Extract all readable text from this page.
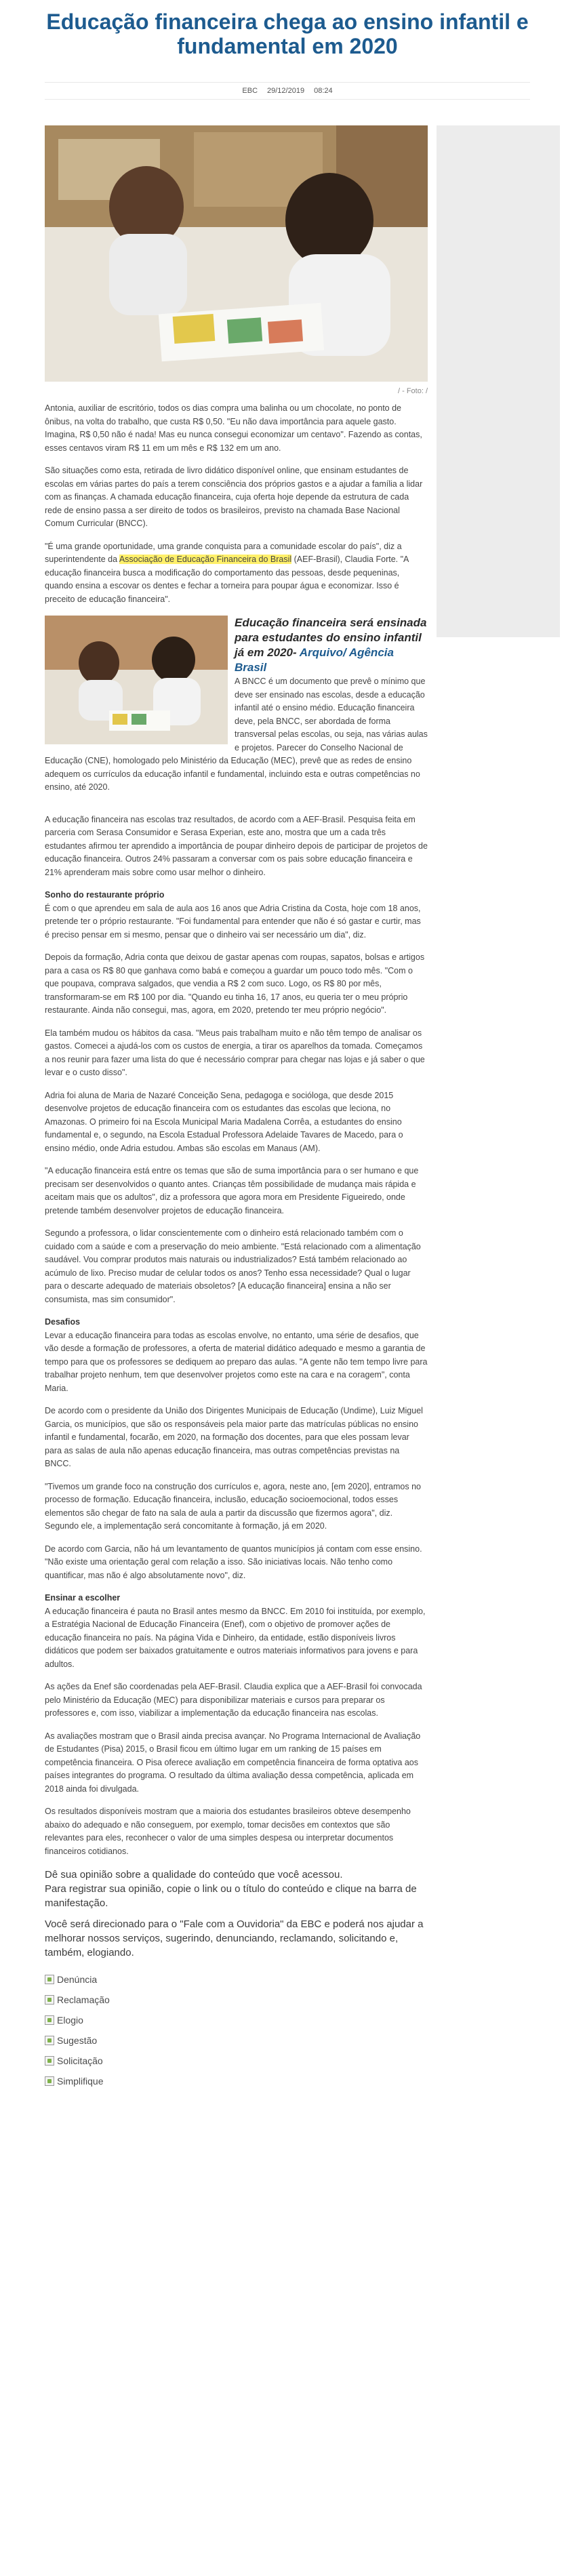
Educação financeira chega ao ensino infantil e fundamental em 2020
EBC 29/12/2019 08:24
/ - Foto: /

Antonia, auxiliar de escritório, todos os dias compra uma balinha ou um chocolate, no ponto de ônibus, na volta do trabalho, que custa R$ 0,50. "Eu não dava importância para aquele gasto. Imagina, R$ 0,50 não é nada! Mas eu nunca consegui economizar um centavo". Fazendo as contas, esses centavos viram R$ 11 em um mês e R$ 132 em um ano.

São situações como esta, retirada de livro didático disponível online, que ensinam estudantes de escolas em várias partes do país a terem consciência dos próprios gastos e a ajudar a família a lidar com as finanças. A chamada educação financeira, cuja oferta hoje depende da estrutura de cada rede de ensino passa a ser direito de todos os brasileiros, previsto na chamada Base Nacional Comum Curricular (BNCC).

"É uma grande oportunidade, uma grande conquista para a comunidade escolar do país", diz a superintendente da Associação de Educação Financeira do Brasil (AEF-Brasil), Claudia Forte. "A educação financeira busca a modificação do comportamento das pessoas, desde pequeninas, quando ensina a escovar os dentes e fechar a torneira para poupar água e economizar. Isso é preceito de educação financeira".

Educação financeira será ensinada para estudantes do ensino infantil já em 2020- Arquivo/ Agência Brasil

A BNCC é um documento que prevê o mínimo que deve ser ensinado nas escolas, desde a educação infantil até o ensino médio. Educação financeira deve, pela BNCC, ser abordada de forma transversal pelas escolas, ou seja, nas várias aulas e projetos. Parecer do Conselho Nacional de Educação (CNE), homologado pelo Ministério da Educação (MEC), prevê que as redes de ensino adequem os currículos da educação infantil e fundamental, incluindo esta e outras competências no ensino, até 2020.

A educação financeira nas escolas traz resultados, de acordo com a AEF-Brasil. Pesquisa feita em parceria com Serasa Consumidor e Serasa Experian, este ano, mostra que um a cada três estudantes afirmou ter aprendido a importância de poupar dinheiro depois de participar de projetos de educação financeira. Outros 24% passaram a conversar com os pais sobre educação financeira e 21% aprenderam mais sobre como usar melhor o dinheiro.

Sonho do restaurante próprio

É com o que aprendeu em sala de aula aos 16 anos que Adria Cristina da Costa, hoje com 18 anos, pretende ter o próprio restaurante. "Foi fundamental para entender que não é só gastar e curtir, mas é preciso pensar em si mesmo, pensar que o dinheiro vai ser necessário um dia", diz.

Depois da formação, Adria conta que deixou de gastar apenas com roupas, sapatos, bolsas e artigos para a casa os R$ 80 que ganhava como babá e começou a guardar um pouco todo mês. "Com o que poupava, comprava salgados, que vendia a R$ 2 com suco. Logo, os R$ 80 por mês, transformaram-se em R$ 100 por dia. "Quando eu tinha 16, 17 anos, eu queria ter o meu próprio restaurante. Ainda não consegui, mas, agora, em 2020, pretendo ter meu próprio negócio".

Ela também mudou os hábitos da casa. "Meus pais trabalham muito e não têm tempo de analisar os gastos. Comecei a ajudá-los com os custos de energia, a tirar os aparelhos da tomada. Começamos a nos reunir para fazer uma lista do que é necessário comprar para chegar nas lojas e já saber o que levar e o custo disso".

Adria foi aluna de Maria de Nazaré Conceição Sena, pedagoga e socióloga, que desde 2015 desenvolve projetos de educação financeira com os estudantes das escolas que leciona, no Amazonas. O primeiro foi na Escola Municipal Maria Madalena Corrêa, a estudantes do ensino fundamental e, o segundo, na Escola Estadual Professora Adelaide Tavares de Macedo, para o ensino médio, onde Adria estudou. Ambas são escolas em Manaus (AM).

"A educação financeira está entre os temas que são de suma importância para o ser humano e que precisam ser desenvolvidos o quanto antes. Crianças têm possibilidade de mudança mais rápida e aceitam mais que os adultos", diz a professora que agora mora em Presidente Figueiredo, onde pretende também desenvolver projetos de educação financeira.

Segundo a professora, o lidar conscientemente com o dinheiro está relacionado também com o cuidado com a saúde e com a preservação do meio ambiente. "Está relacionado com a alimentação saudável. Vou comprar produtos mais naturais ou industrializados? Está também relacionado ao acúmulo de lixo. Preciso mudar de celular todos os anos? Tenho essa necessidade? Qual o lugar para o descarte adequado de materiais obsoletos? [A educação financeira] ensina a não ser consumista, mas sim consumidor".

Desafios

Levar a educação financeira para todas as escolas envolve, no entanto, uma série de desafios, que vão desde a formação de professores, a oferta de material didático adequado e mesmo a garantia de tempo para que os professores se dediquem ao preparo das aulas. "A gente não tem tempo livre para trabalhar projeto nenhum, tem que desenvolver projetos como este na cara e na coragem", conta Maria.

De acordo com o presidente da União dos Dirigentes Municipais de Educação (Undime), Luiz Miguel Garcia, os municípios, que são os responsáveis pela maior parte das matrículas públicas no ensino infantil e fundamental, focarão, em 2020, na formação dos docentes, para que eles possam levar para as salas de aula não apenas educação financeira, mas outras competências previstas na BNCC.

"Tivemos um grande foco na construção dos currículos e, agora, neste ano, [em 2020], entramos no processo de formação. Educação financeira, inclusão, educação socioemocional, todos esses elementos são chegar de fato na sala de aula a partir da discussão que fizermos agora", diz. Segundo ele, a implementação será concomitante à formação, já em 2020.

De acordo com Garcia, não há um levantamento de quantos municípios já contam com esse ensino. "Não existe uma orientação geral com relação a isso. São iniciativas locais. Não tenho como quantificar, mas não é algo absolutamente novo", diz.

Ensinar a escolher

A educação financeira é pauta no Brasil antes mesmo da BNCC. Em 2010 foi instituída, por exemplo, a Estratégia Nacional de Educação Financeira (Enef), com o objetivo de promover ações de educação financeira no país. Na página Vida e Dinheiro, da entidade, estão disponíveis livros didáticos que podem ser baixados gratuitamente e outros materiais informativos para jovens e para adultos.

As ações da Enef são coordenadas pela AEF-Brasil. Claudia explica que a AEF-Brasil foi convocada pelo Ministério da Educação (MEC) para disponibilizar materiais e cursos para preparar os professores e, com isso, viabilizar a implementação da educação financeira nas escolas.

As avaliações mostram que o Brasil ainda precisa avançar. No Programa Internacional de Avaliação de Estudantes (Pisa) 2015, o Brasil ficou em último lugar em um ranking de 15 países em competência financeira. O Pisa oferece avaliação em competência financeira de forma optativa aos países integrantes do programa. O resultado da última avaliação dessa competência, aplicada em 2018 ainda foi divulgada.

Os resultados disponíveis mostram que a maioria dos estudantes brasileiros obteve desempenho abaixo do adequado e não conseguem, por exemplo, tomar decisões em contextos que são relevantes para eles, reconhecer o valor de uma simples despesa ou interpretar documentos financeiros cotidianos.

Dê sua opinião sobre a qualidade do conteúdo que você acessou.
Para registrar sua opinião, copie o link ou o título do conteúdo e clique na barra de manifestação.

Você será direcionado para o "Fale com a Ouvidoria" da EBC e poderá nos ajudar a melhorar nossos serviços, sugerindo, denunciando, reclamando, solicitando e, também, elogiando.

Denúncia
Reclamação
Elogio
Sugestão
Solicitação
Simplifique
